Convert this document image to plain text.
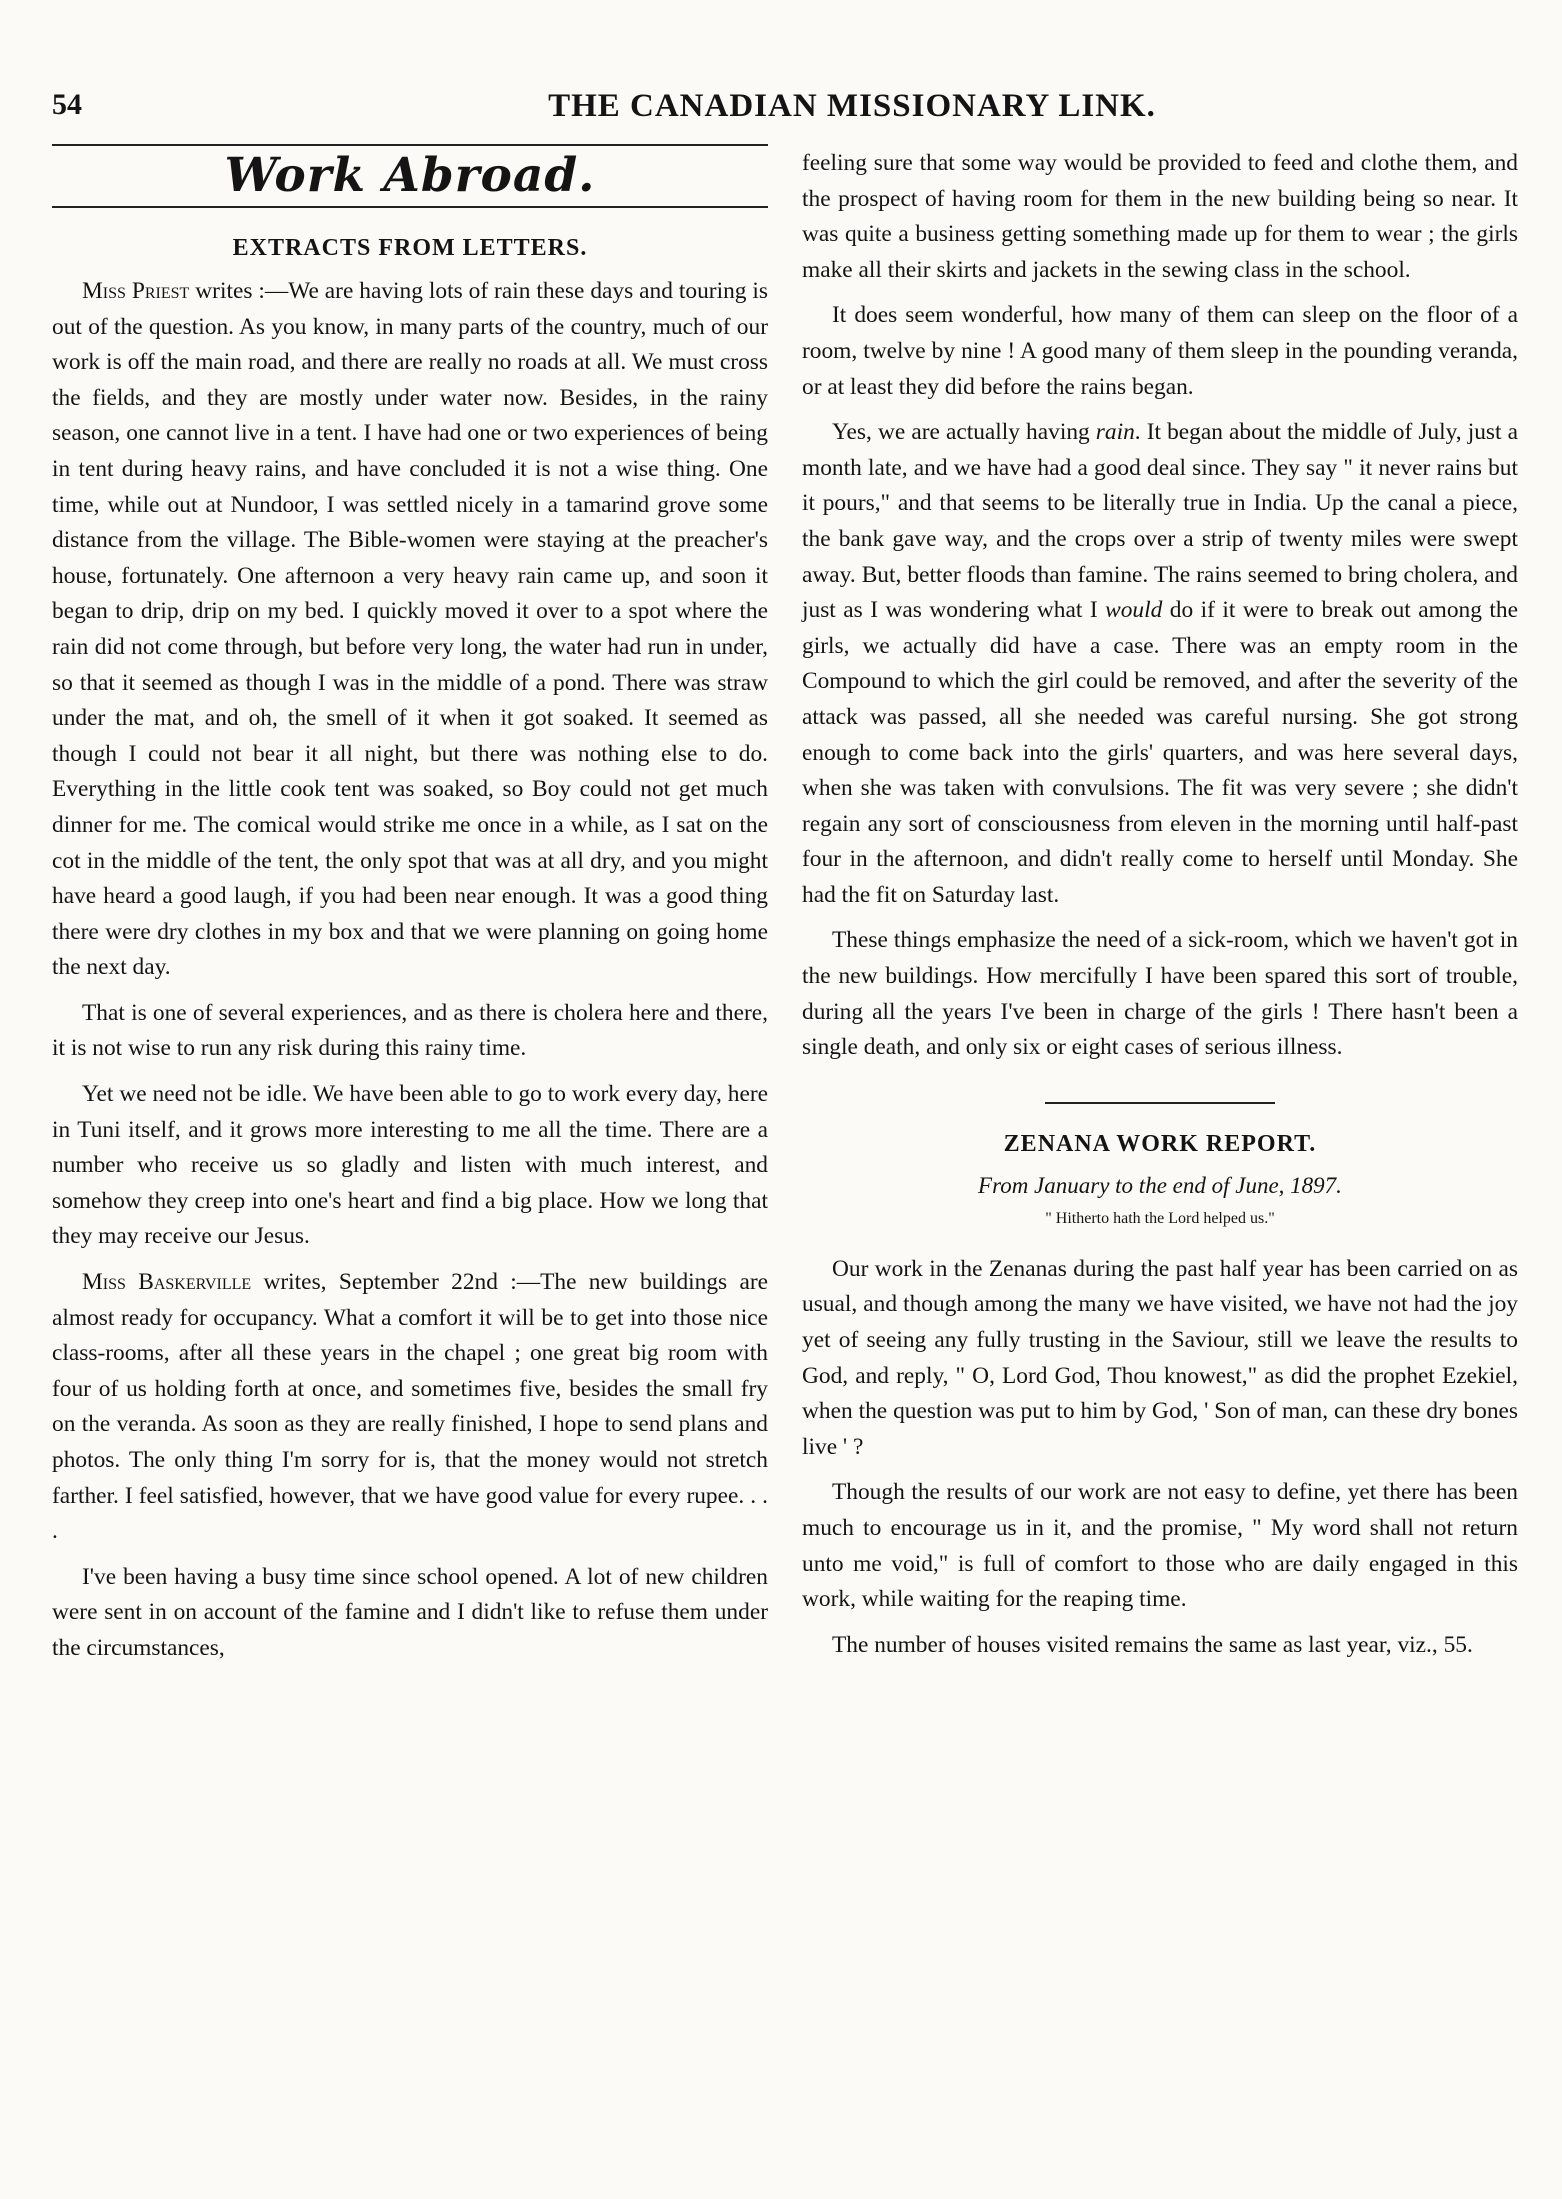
54	THE CANADIAN MISSIONARY LINK.
Work Abroad.
EXTRACTS FROM LETTERS.

Miss Priest writes :—We are having lots of rain these days and touring is out of the question. As you know, in many parts of the country, much of our work is off the main road, and there are really no roads at all. We must cross the fields, and they are mostly under water now. Besides, in the rainy season, one cannot live in a tent. I have had one or two experiences of being in tent during heavy rains, and have concluded it is not a wise thing. One time, while out at Nundoor, I was settled nicely in a tamarind grove some distance from the village. The Bible-women were staying at the preacher's house, fortunately. One afternoon a very heavy rain came up, and soon it began to drip, drip on my bed. I quickly moved it over to a spot where the rain did not come through, but before very long, the water had run in under, so that it seemed as though I was in the middle of a pond. There was straw under the mat, and oh, the smell of it when it got soaked. It seemed as though I could not bear it all night, but there was nothing else to do. Everything in the little cook tent was soaked, so Boy could not get much dinner for me. The comical would strike me once in a while, as I sat on the cot in the middle of the tent, the only spot that was at all dry, and you might have heard a good laugh, if you had been near enough. It was a good thing there were dry clothes in my box and that we were planning on going home the next day.

That is one of several experiences, and as there is cholera here and there, it is not wise to run any risk during this rainy time.

Yet we need not be idle. We have been able to go to work every day, here in Tuni itself, and it grows more interesting to me all the time. There are a number who receive us so gladly and listen with much interest, and somehow they creep into one's heart and find a big place. How we long that they may receive our Jesus.

Miss Baskerville writes, September 22nd :—The new buildings are almost ready for occupancy. What a comfort it will be to get into those nice class-rooms, after all these years in the chapel ; one great big room with four of us holding forth at once, and sometimes five, besides the small fry on the veranda. As soon as they are really finished, I hope to send plans and photos. The only thing I'm sorry for is, that the money would not stretch farther. I feel satisfied, however, that we have good value for every rupee. . . .

I've been having a busy time since school opened. A lot of new children were sent in on account of the famine and I didn't like to refuse them under the circumstances,

feeling sure that some way would be provided to feed and clothe them, and the prospect of having room for them in the new building being so near. It was quite a business getting something made up for them to wear ; the girls make all their skirts and jackets in the sewing class in the school.

It does seem wonderful, how many of them can sleep on the floor of a room, twelve by nine ! A good many of them sleep in the pounding veranda, or at least they did before the rains began.

Yes, we are actually having rain. It began about the middle of July, just a month late, and we have had a good deal since. They say " it never rains but it pours," and that seems to be literally true in India. Up the canal a piece, the bank gave way, and the crops over a strip of twenty miles were swept away. But, better floods than famine. The rains seemed to bring cholera, and just as I was wondering what I would do if it were to break out among the girls, we actually did have a case. There was an empty room in the Compound to which the girl could be removed, and after the severity of the attack was passed, all she needed was careful nursing. She got strong enough to come back into the girls' quarters, and was here several days, when she was taken with convulsions. The fit was very severe ; she didn't regain any sort of consciousness from eleven in the morning until half-past four in the afternoon, and didn't really come to herself until Monday. She had the fit on Saturday last.

These things emphasize the need of a sick-room, which we haven't got in the new buildings. How mercifully I have been spared this sort of trouble, during all the years I've been in charge of the girls ! There hasn't been a single death, and only six or eight cases of serious illness.

ZENANA WORK REPORT.
From January to the end of June, 1897.
" Hitherto hath the Lord helped us."

Our work in the Zenanas during the past half year has been carried on as usual, and though among the many we have visited, we have not had the joy yet of seeing any fully trusting in the Saviour, still we leave the results to God, and reply, " O, Lord God, Thou knowest," as did the prophet Ezekiel, when the question was put to him by God, ' Son of man, can these dry bones live ' ?

Though the results of our work are not easy to define, yet there has been much to encourage us in it, and the promise, " My word shall not return unto me void," is full of comfort to those who are daily engaged in this work, while waiting for the reaping time.

The number of houses visited remains the same as last year, viz., 55.
